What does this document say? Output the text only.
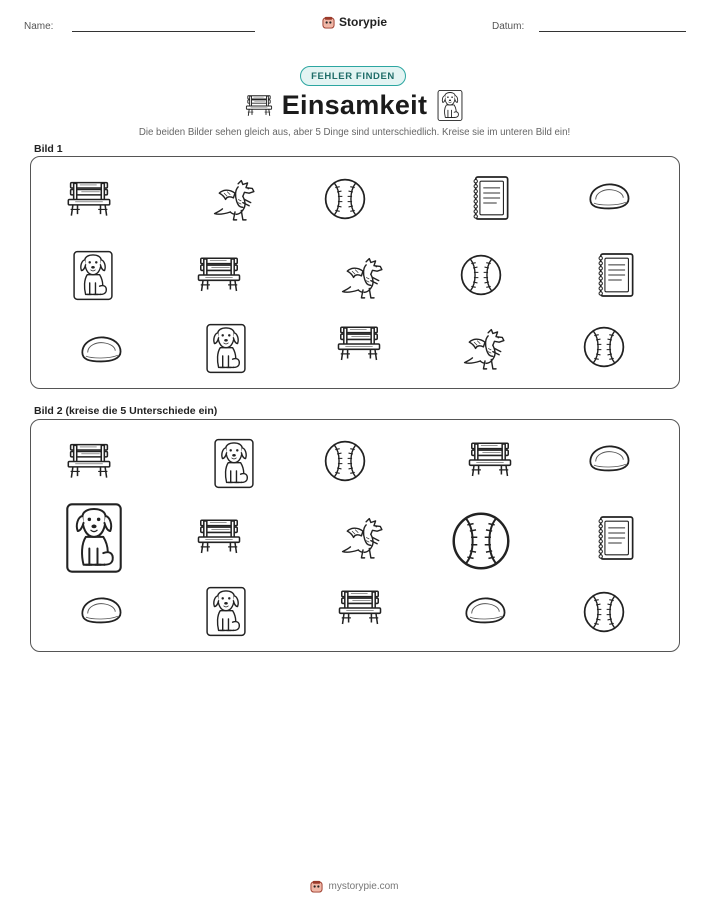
Name:	Storypie	Datum:
FEHLER FINDEN
Einsamkeit
Die beiden Bilder sehen gleich aus, aber 5 Dinge sind unterschiedlich. Kreise sie im unteren Bild ein!
Bild 1
Bild 2 (kreise die 5 Unterschiede ein)
mystorypie.com
